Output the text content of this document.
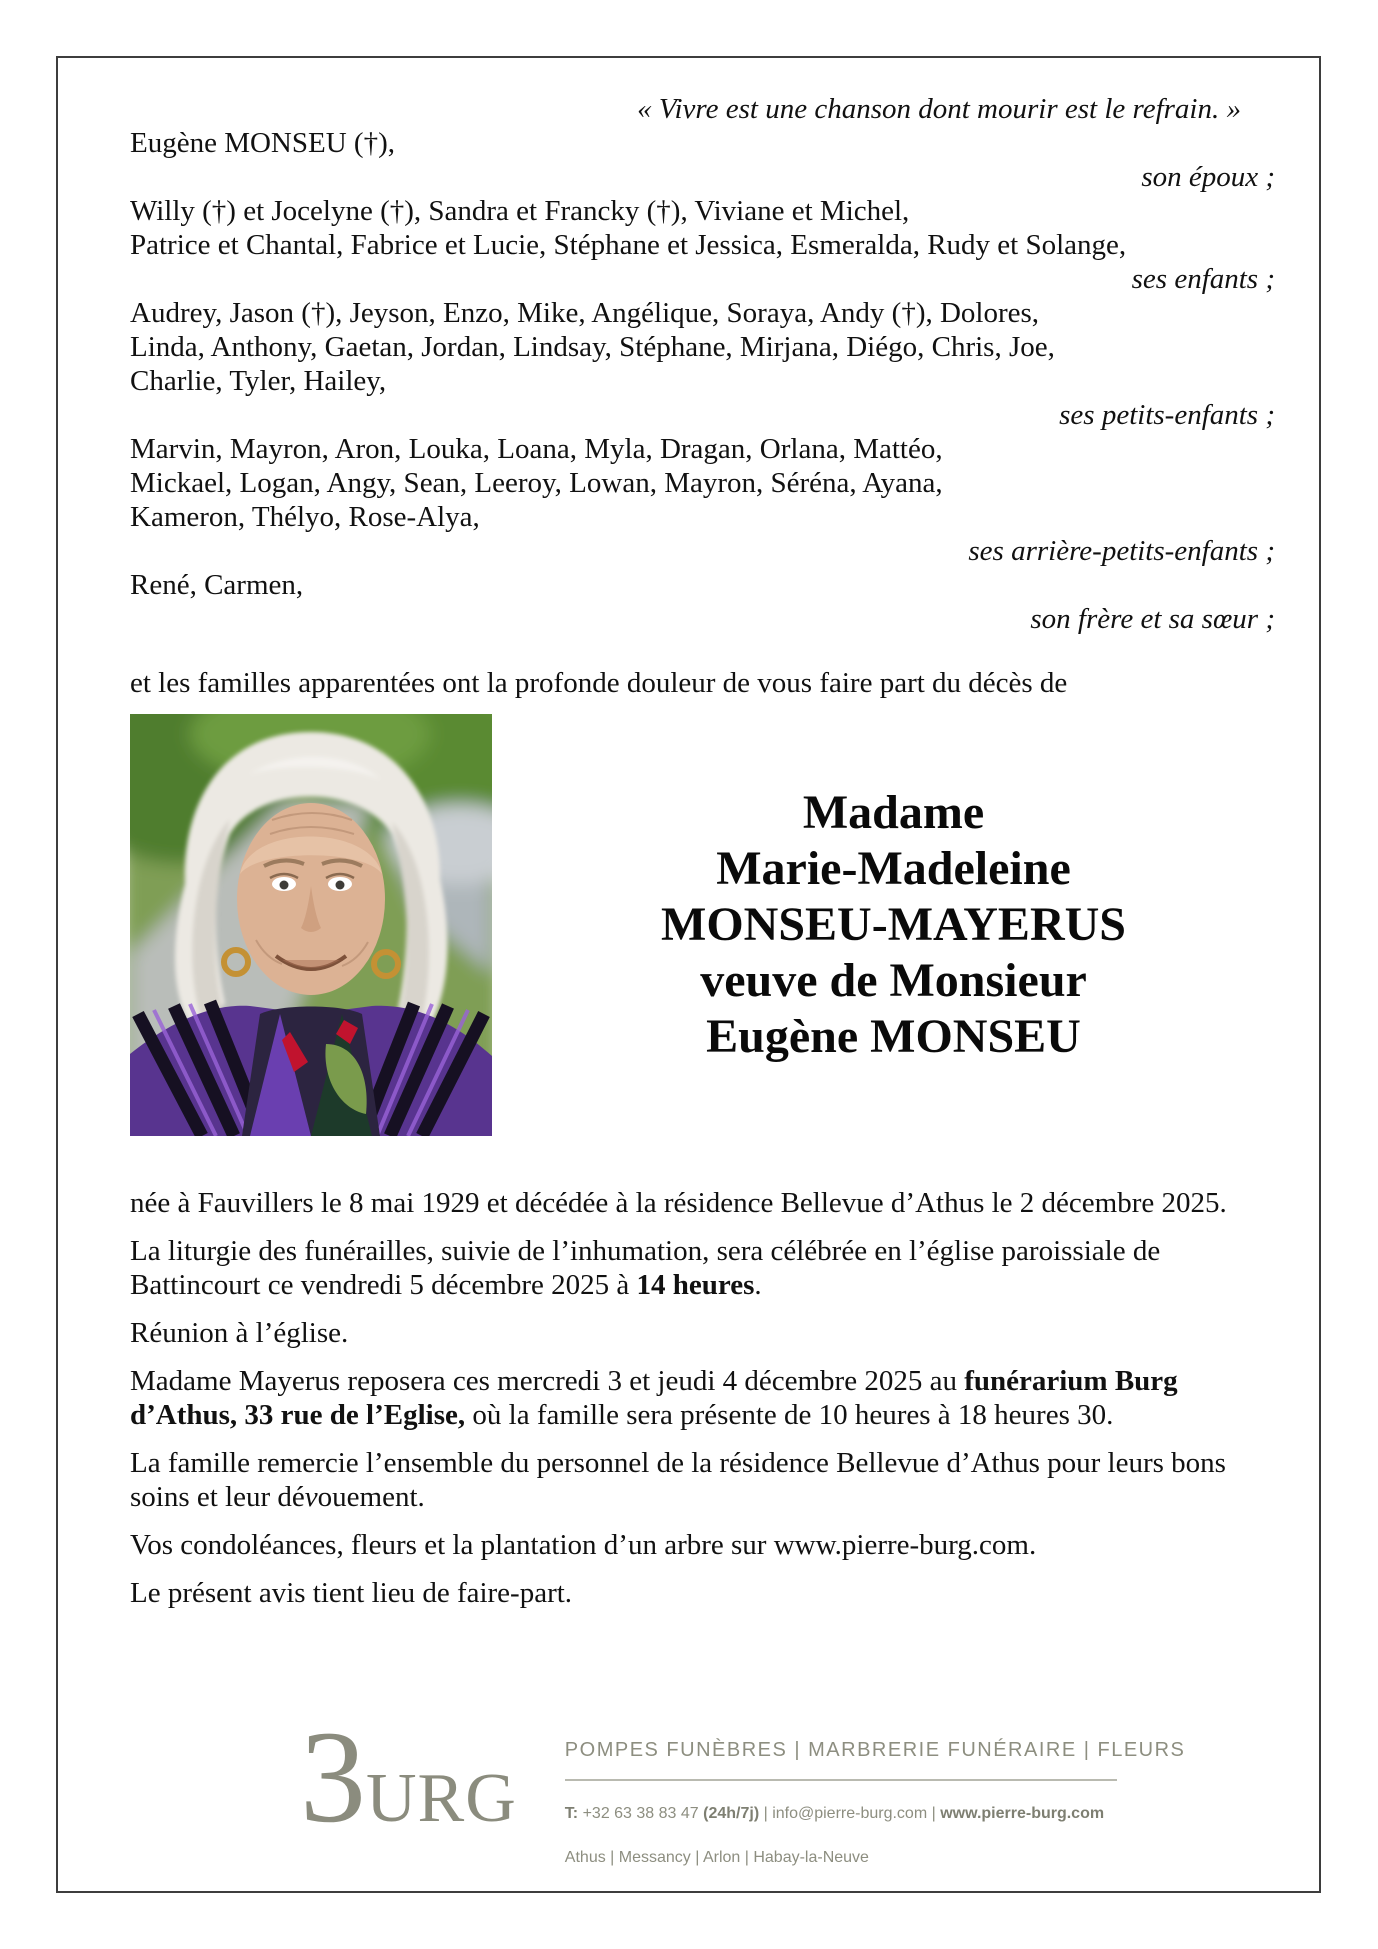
« Vivre est une chanson dont mourir est le refrain. »
Eugène MONSEU (†),
son époux ;
Willy (†) et Jocelyne (†), Sandra et Francky (†), Viviane et Michel,
Patrice et Chantal, Fabrice et Lucie, Stéphane et Jessica, Esmeralda, Rudy et Solange,
ses enfants ;
Audrey, Jason (†), Jeyson, Enzo, Mike, Angélique, Soraya, Andy (†), Dolores,
Linda, Anthony, Gaetan, Jordan, Lindsay, Stéphane, Mirjana, Diégo, Chris, Joe,
Charlie, Tyler, Hailey,
ses petits-enfants ;
Marvin, Mayron, Aron, Louka, Loana, Myla, Dragan, Orlana, Mattéo,
Mickael, Logan, Angy, Sean, Leeroy, Lowan, Mayron, Séréna, Ayana,
Kameron, Thélyo, Rose-Alya,
ses arrière-petits-enfants ;
René, Carmen,
son frère et sa sœur ;
et les familles apparentées ont la profonde douleur de vous faire part du décès de
Madame
Marie-Madeleine
MONSEU-MAYERUS
veuve de Monsieur
Eugène MONSEU

née à Fauvillers le 8 mai 1929 et décédée à la résidence Bellevue d’Athus le 2 décembre 2025.

La liturgie des funérailles, suivie de l’inhumation, sera célébrée en l’église paroissiale de Battincourt ce vendredi 5 décembre 2025 à 14 heures.

Réunion à l’église.

Madame Mayerus reposera ces mercredi 3 et jeudi 4 décembre 2025 au funérarium Burg d’Athus, 33 rue de l’Eglise, où la famille sera présente de 10 heures à 18 heures 30.

La famille remercie l’ensemble du personnel de la résidence Bellevue d’Athus pour leurs bons soins et leur dévouement.

Vos condoléances, fleurs et la plantation d’un arbre sur www.pierre-burg.com.

Le présent avis tient lieu de faire-part.

3 URG
POMPES FUNÈBRES | MARBRERIE FUNÉRAIRE | FLEURS
T: +32 63 38 83 47 (24h/7j) | info@pierre-burg.com | www.pierre-burg.com
Athus | Messancy | Arlon | Habay-la-Neuve
